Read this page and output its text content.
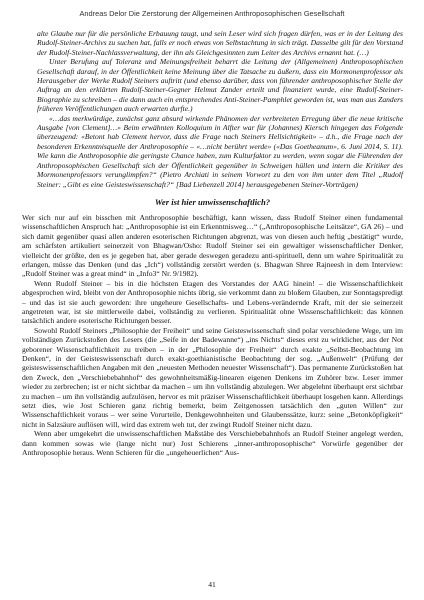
Andreas Delor Die Zerstorung der Allgemeinen Anthroposophischen Gesellschaft

alte Glaube nur für die persönliche Erbauung taugt, und sein Leser wird sich fragen dürfen, was er in der Leitung des Rudolf-Steiner-Archivs zu suchen hat, falls er noch etwas von Selbstachtung in sich trägt. Dasselbe gilt für den Vorstand der Rudolf-Steiner-Nachlassverwaltung, der ihn als Gleichgesinnten zum Leiter des Archivs ernannt hat. (…)

Unter Berufung auf Toleranz und Meinungsfreiheit beharrt die Leitung der (Allgemeinen) Anthroposophischen Gesellschaft darauf, in der Öffentlichkeit keine Meinung über die Tatsache zu äußern, dass ein Mormonenprofessor als Herausgeber der Werke Rudolf Steiners auftritt (und ebenso darüber, dass von führender anthroposophischer Stelle der Auftrag an den erklärten Rudolf-Steiner-Gegner Helmut Zander erteilt und finanziert wurde, eine Rudolf-Steiner-Biographie zu schreiben – die dann auch ein entsprechendes Anti-Steiner-Pamphlet geworden ist, was man aus Zanders früheren Veröffentlichungen auch erwarten durfte.)

«…das merkwürdige, zunächst ganz absurd wirkende Phänomen der verbreiteten Erregung über die neue kritische Ausgabe [von Clement]…» Beim erwähnten Kolloquium in Alfter war für (Johannes) Kiersch hingegen das Folgende überzeugend: «Betont hab Clement hervor, dass die Frage nach Steiners Hellsichtigkeit» – d.h., die Frage nach der besonderen Erkenntnisquelle der Anthroposophie – «…nicht berührt werde» («Das Goetheanum», 6. Juni 2014, S. 11). Wie kann die Anthroposophie die geringste Chance haben, zum Kulturfaktor zu werden, wenn sogar die Führenden der Anthroposophischen Gesellschaft sich der Öffentlichkeit gegenüber in Schweigen hüllen und intern die Kritiker des Mormonenprofessors verunglimpfen?“ (Pietro Archiati in seinem Vorwort zu den von ihm unter dem Titel „Rudolf Steiner: „Gibt es eine Geisteswissenschaft?“ [Bad Liebenzell 2014] herausgegebenen Steiner-Vorträgen)

Wer ist hier unwissenschaftlich?

Wer sich nur auf ein bisschen mit Anthroposophie beschäftigt, kann wissen, dass Rudolf Steiner einen fundamental wissenschaftlichen Anspruch hat: „Anthroposophie ist ein Erkenntnisweg…“ („Anthroposophische Leitsätze“, GA 26) – und sich damit gegenüber quasi allen anderen esoterischen Richtungen abgrenzt, was von diesen auch heftig „bestätigt“ wurde, am schärfsten artikuliert seinerzeit von Bhagwan/Osho: Rudolf Steiner sei ein gewaltiger wissenschaftlicher Denker, vielleicht der größte, den es je gegeben hat, aber gerade deswegen geradezu anti-spirituell, denn um wahre Spiritualität zu erlangen, müsse das Denken (und das „Ich“) vollständig zerstört werden (s. Bhagwan Shree Rajneesh in dem Interview: „Rudolf Steiner was a great mind“ in „Info3“ Nr. 9/1982).

Wenn Rudolf Steiner – bis in die höchsten Etagen des Vorstandes der AAG hinein! – die Wissenschaftlichkeit abgesprochen wird, bleibt von der Anthroposophie nichts übrig, sie verkommt dann zu bloßem Glauben, zur Sonntagspredigt – und das ist sie auch geworden: ihre ungeheure Gesellschafts- und Lebens-verändernde Kraft, mit der sie seinerzeit angetreten war, ist sie mittlerweile dabei, vollständig zu verlieren. Spiritualität ohne Wissenschaftlichkeit: das können tatsächlich andere esoterische Richtungen besser.

Sowohl Rudolf Steiners „Philosophie der Freiheit“ und seine Geisteswissenschaft sind polar verschiedene Wege, um im vollständigen Zurückstoßen des Lesers (die „Seife in der Badewanne“) „ins Nichts“ dieses erst zu wirklicher, aus der Not geborener Wissenschaftlichkeit zu treiben – in der „Philosophie der Freiheit“ durch exakte „Selbst-Beobachtung im Denken“, in der Geisteswissenschaft durch exakt-goethianistische Beobachtung der sog. „Außenwelt“ (Prüfung der geisteswissenschaftlichen Angaben mit den „neuesten Methoden neuester Wissenschaft“). Das permanente Zurückstoßen hat den Zweck, den „Verschiebebahnhof“ des gewohnheitsmäßig-linearen eigenen Denkens im Zuhörer bzw. Leser immer wieder zu zerbrechen; ist er nicht sichtbar da machen – um ihn vollständig abzulegen. Wer abgelehnt überhaupt erst sichtbar zu machen – um ihn vollständig aufzulösen, hervor es mit präziser Wissenschaftlichkeit überhaupt losgehen kann. Allerdings setzt dies, wie Jost Schieren ganz richtig bemerkt, beim Zeitgenossen tatsächlich den „guten Willen“ zur Wissenschaftlichkeit voraus – wer seine Vorurteile, Denkgewohnheiten und Glaubenssätze, kurz: seine „Betonköpfigkeit“ nicht in Salzsäure auflösen will, wird das extrem weh tut, der zwingt Rudolf Steiner nicht dazu.

Wenn aber umgekehrt die unwissenschaftlichen Maßstäbe des Verschiebebahnhofs an Rudolf Steiner angelegt werden, dann kommen sowas wie (lange nicht nur) Jost Schierens „inner-anthroposophische“ Vorwürfe gegenüber der Anthroposophie heraus. Wenn Schieren für die „ungeheuerlichen“ Aus-

41
